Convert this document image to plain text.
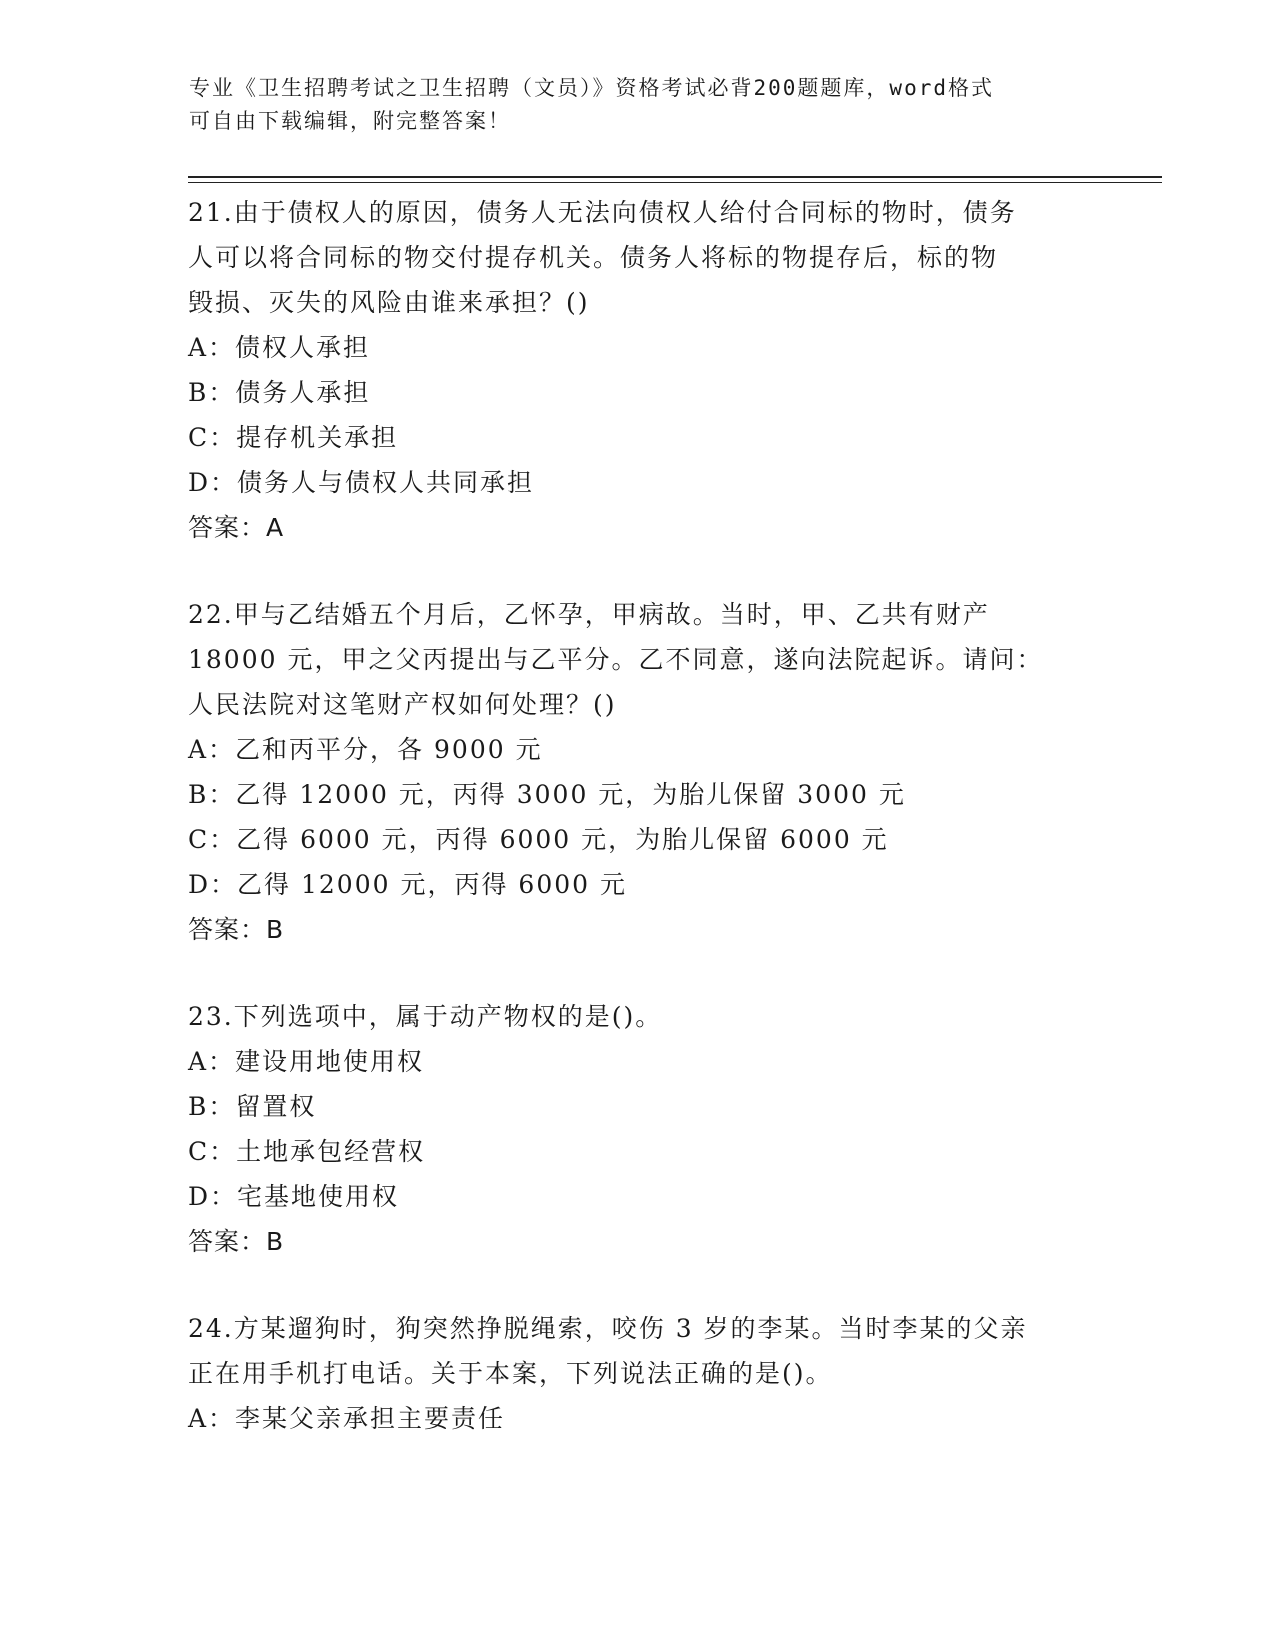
专业《卫生招聘考试之卫生招聘（文员）》资格考试必背200题题库，word格式
可自由下载编辑，附完整答案！
21.由于债权人的原因，债务人无法向债权人给付合同标的物时，债务
人可以将合同标的物交付提存机关。债务人将标的物提存后，标的物
毁损、灭失的风险由谁来承担？()
A：债权人承担
B：债务人承担
C：提存机关承担
D：债务人与债权人共同承担
答案：A
22.甲与乙结婚五个月后，乙怀孕，甲病故。当时，甲、乙共有财产
18000 元，甲之父丙提出与乙平分。乙不同意，遂向法院起诉。请问：
人民法院对这笔财产权如何处理？()
A：乙和丙平分，各 9000 元
B：乙得 12000 元，丙得 3000 元，为胎儿保留 3000 元
C：乙得 6000 元，丙得 6000 元，为胎儿保留 6000 元
D：乙得 12000 元，丙得 6000 元
答案：B
23.下列选项中，属于动产物权的是()。
A：建设用地使用权
B：留置权
C：土地承包经营权
D：宅基地使用权
答案：B
24.方某遛狗时，狗突然挣脱绳索，咬伤 3 岁的李某。当时李某的父亲
正在用手机打电话。关于本案，下列说法正确的是()。
A：李某父亲承担主要责任
